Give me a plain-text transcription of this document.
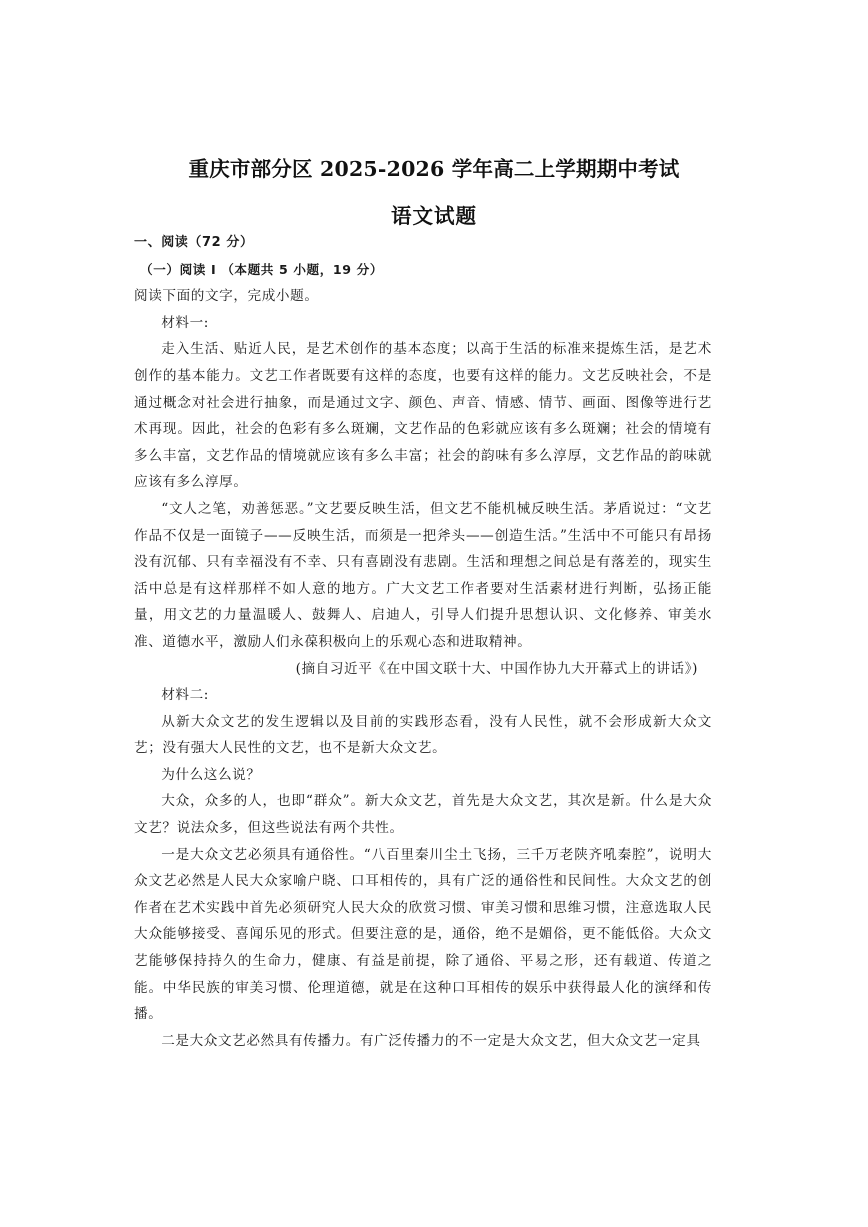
重庆市部分区 2025-2026 学年高二上学期期中考试
语文试题

一、阅读（72 分）

（一）阅读 I （本题共 5 小题，19 分）

阅读下面的文字，完成小题。

材料一:

走入生活、贴近人民，是艺术创作的基本态度；以高于生活的标准来提炼生活，是艺术创作的基本能力。文艺工作者既要有这样的态度，也要有这样的能力。文艺反映社会，不是通过概念对社会进行抽象，而是通过文字、颜色、声音、情感、情节、画面、图像等进行艺术再现。因此，社会的色彩有多么斑斓，文艺作品的色彩就应该有多么斑斓；社会的情境有多么丰富，文艺作品的情境就应该有多么丰富；社会的韵味有多么淳厚，文艺作品的韵味就应该有多么淳厚。

“文人之笔，劝善惩恶。”文艺要反映生活，但文艺不能机械反映生活。茅盾说过：“文艺作品不仅是一面镜子——反映生活，而须是一把斧头——创造生活。”生活中不可能只有昂扬没有沉郁、只有幸福没有不幸、只有喜剧没有悲剧。生活和理想之间总是有落差的，现实生活中总是有这样那样不如人意的地方。广大文艺工作者要对生活素材进行判断，弘扬正能量，用文艺的力量温暖人、鼓舞人、启迪人，引导人们提升思想认识、文化修养、审美水准、道德水平，激励人们永葆积极向上的乐观心态和进取精神。

(摘自习近平《在中国文联十大、中国作协九大开幕式上的讲话》)

材料二:

从新大众文艺的发生逻辑以及目前的实践形态看，没有人民性，就不会形成新大众文艺；没有强大人民性的文艺，也不是新大众文艺。

为什么这么说？

大众，众多的人，也即“群众”。新大众文艺，首先是大众文艺，其次是新。什么是大众文艺？说法众多，但这些说法有两个共性。

一是大众文艺必须具有通俗性。“八百里秦川尘土飞扬，三千万老陕齐吼秦腔”，说明大众文艺必然是人民大众家喻户晓、口耳相传的，具有广泛的通俗性和民间性。大众文艺的创作者在艺术实践中首先必须研究人民大众的欣赏习惯、审美习惯和思维习惯，注意选取人民大众能够接受、喜闻乐见的形式。但要注意的是，通俗，绝不是媚俗，更不能低俗。大众文艺能够保持持久的生命力，健康、有益是前提，除了通俗、平易之形，还有载道、传道之能。中华民族的审美习惯、伦理道德，就是在这种口耳相传的娱乐中获得最人化的演绎和传播。

二是大众文艺必然具有传播力。有广泛传播力的不一定是大众文艺，但大众文艺一定具
